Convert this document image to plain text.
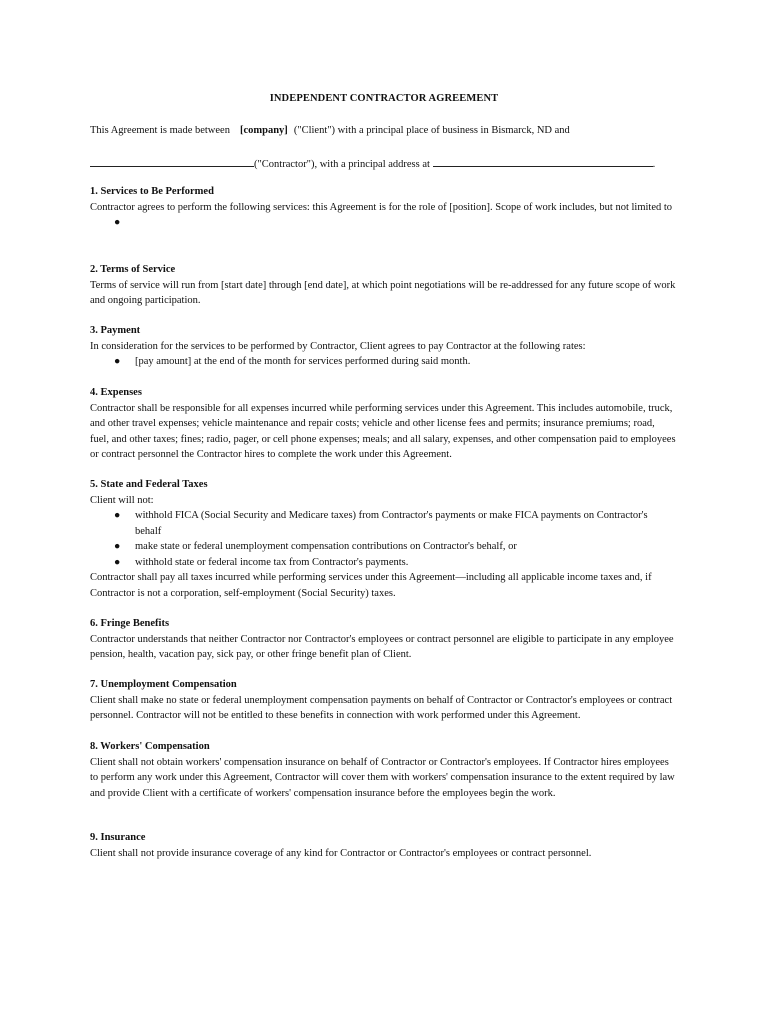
INDEPENDENT CONTRACTOR AGREEMENT
This Agreement is made between [company] ("Client") with a principal place of business in Bismarck, ND and
("Contractor"), with a principal address at	.
1. Services to Be Performed

Contractor agrees to perform the following services: this Agreement is for the role of [position]. Scope of work includes, but not limited to

●
2. Terms of Service

Terms of service will run from [start date] through [end date], at which point negotiations will be re-addressed for any future scope of work and ongoing participation.

3. Payment

In consideration for the services to be performed by Contractor, Client agrees to pay Contractor at the following rates:

● [pay amount] at the end of the month for services performed during said month.
4. Expenses

Contractor shall be responsible for all expenses incurred while performing services under this Agreement. This includes automobile, truck, and other travel expenses; vehicle maintenance and repair costs; vehicle and other license fees and permits; insurance premiums; road, fuel, and other taxes; fines; radio, pager, or cell phone expenses; meals; and all salary, expenses, and other compensation paid to employees or contract personnel the Contractor hires to complete the work under this Agreement.

5. State and Federal Taxes

Client will not:

● withhold FICA (Social Security and Medicare taxes) from Contractor's payments or make FICA payments on Contractor's behalf
● make state or federal unemployment compensation contributions on Contractor's behalf, or
● withhold state or federal income tax from Contractor's payments.

Contractor shall pay all taxes incurred while performing services under this Agreement—including all applicable income taxes and, if Contractor is not a corporation, self-employment (Social Security) taxes.

6. Fringe Benefits

Contractor understands that neither Contractor nor Contractor's employees or contract personnel are eligible to participate in any employee pension, health, vacation pay, sick pay, or other fringe benefit plan of Client.

7. Unemployment Compensation

Client shall make no state or federal unemployment compensation payments on behalf of Contractor or Contractor's employees or contract personnel. Contractor will not be entitled to these benefits in connection with work performed under this Agreement.

8. Workers' Compensation

Client shall not obtain workers' compensation insurance on behalf of Contractor or Contractor's employees. If Contractor hires employees to perform any work under this Agreement, Contractor will cover them with workers' compensation insurance to the extent required by law and provide Client with a certificate of workers' compensation insurance before the employees begin the work.

9. Insurance

Client shall not provide insurance coverage of any kind for Contractor or Contractor's employees or contract personnel.
